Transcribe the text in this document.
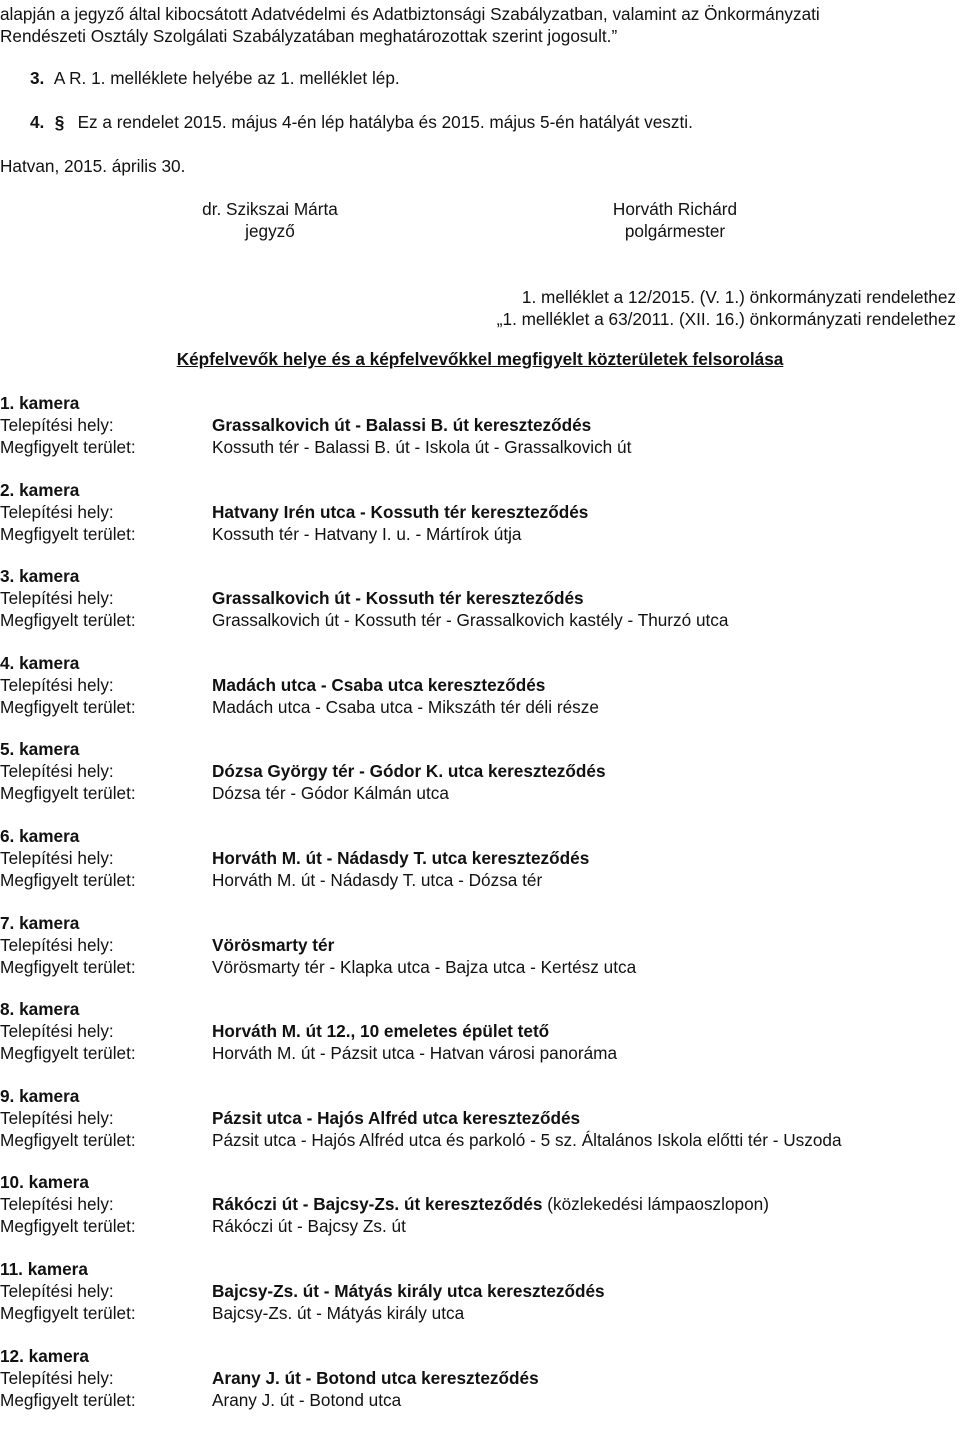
alapján a jegyző által kibocsátott Adatvédelmi és Adatbiztonsági Szabályzatban, valamint az Önkormányzati
Rendészeti Osztály Szolgálati Szabályzatában meghatározottak szerint jogosult.”
3. A R. 1. melléklete helyébe az 1. melléklet lép.
4. § Ez a rendelet 2015. május 4-én lép hatályba és 2015. május 5-én hatályát veszti.
Hatvan, 2015. április 30.
dr. Szikszai Márta
jegyző
Horváth Richárd
polgármester
1. melléklet a 12/2015. (V. 1.) önkormányzati rendelethez
„1. melléklet a 63/2011. (XII. 16.) önkormányzati rendelethez
Képfelvevők helye és a képfelvevőkkel megfigyelt közterületek felsorolása
1. kamera
Telepítési hely:	Grassalkovich út - Balassi B. út kereszteződés
Megfigyelt terület:	Kossuth tér - Balassi B. út - Iskola út - Grassalkovich út
2. kamera
Telepítési hely:	Hatvany Irén utca - Kossuth tér kereszteződés
Megfigyelt terület:	Kossuth tér - Hatvany I. u. - Mártírok útja
3. kamera
Telepítési hely:	Grassalkovich út - Kossuth tér kereszteződés
Megfigyelt terület:	Grassalkovich út - Kossuth tér - Grassalkovich kastély - Thurzó utca
4. kamera
Telepítési hely:	Madách utca - Csaba utca kereszteződés
Megfigyelt terület:	Madách utca - Csaba utca - Mikszáth tér déli része
5. kamera
Telepítési hely:	Dózsa György tér - Gódor K. utca kereszteződés
Megfigyelt terület:	Dózsa tér - Gódor Kálmán utca
6. kamera
Telepítési hely:	Horváth M. út - Nádasdy T. utca kereszteződés
Megfigyelt terület:	Horváth M. út - Nádasdy T. utca - Dózsa tér
7. kamera
Telepítési hely:	Vörösmarty tér
Megfigyelt terület:	Vörösmarty tér - Klapka utca - Bajza utca - Kertész utca
8. kamera
Telepítési hely:	Horváth M. út 12., 10 emeletes épület tető
Megfigyelt terület:	Horváth M. út - Pázsit utca - Hatvan városi panoráma
9. kamera
Telepítési hely:	Pázsit utca - Hajós Alfréd utca kereszteződés
Megfigyelt terület:	Pázsit utca - Hajós Alfréd utca és parkoló - 5 sz. Általános Iskola előtti tér - Uszoda
10. kamera
Telepítési hely:	Rákóczi út - Bajcsy-Zs. út kereszteződés (közlekedési lámpaoszlopon)
Megfigyelt terület:	Rákóczi út - Bajcsy Zs. út
11. kamera
Telepítési hely:	Bajcsy-Zs. út - Mátyás király utca kereszteződés
Megfigyelt terület:	Bajcsy-Zs. út - Mátyás király utca
12. kamera
Telepítési hely:	Arany J. út - Botond utca kereszteződés
Megfigyelt terület:	Arany J. út - Botond utca
